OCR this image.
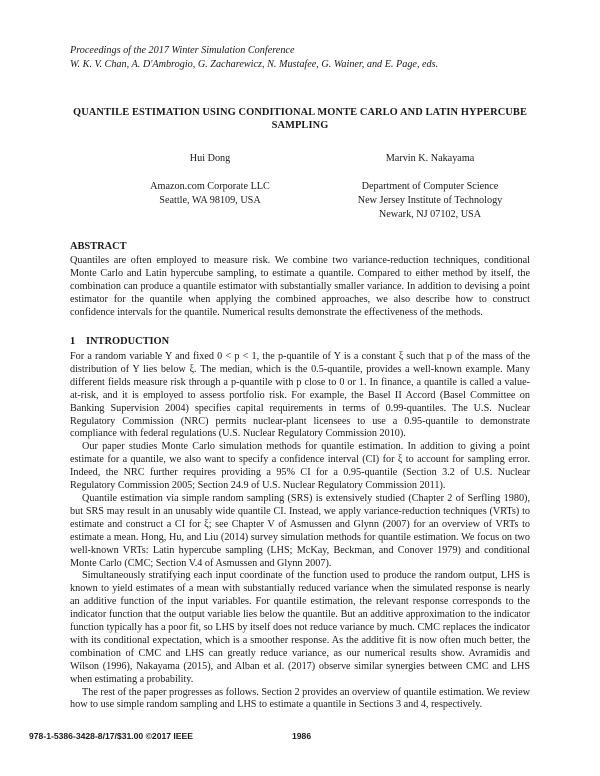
Proceedings of the 2017 Winter Simulation Conference
W. K. V. Chan, A. D'Ambrogio, G. Zacharewicz, N. Mustafee, G. Wainer, and E. Page, eds.
QUANTILE ESTIMATION USING CONDITIONAL MONTE CARLO AND LATIN HYPERCUBE SAMPLING
Hui Dong
Amazon.com Corporate LLC
Seattle, WA 98109, USA
Marvin K. Nakayama
Department of Computer Science
New Jersey Institute of Technology
Newark, NJ 07102, USA
ABSTRACT

Quantiles are often employed to measure risk. We combine two variance-reduction techniques, conditional Monte Carlo and Latin hypercube sampling, to estimate a quantile. Compared to either method by itself, the combination can produce a quantile estimator with substantially smaller variance. In addition to devising a point estimator for the quantile when applying the combined approaches, we also describe how to construct confidence intervals for the quantile. Numerical results demonstrate the effectiveness of the methods.

1 INTRODUCTION

For a random variable Y and fixed 0 < p < 1, the p-quantile of Y is a constant ξ such that p of the mass of the distribution of Y lies below ξ. The median, which is the 0.5-quantile, provides a well-known example. Many different fields measure risk through a p-quantile with p close to 0 or 1. In finance, a quantile is called a value-at-risk, and it is employed to assess portfolio risk. For example, the Basel II Accord (Basel Committee on Banking Supervision 2004) specifies capital requirements in terms of 0.99-quantiles. The U.S. Nuclear Regulatory Commission (NRC) permits nuclear-plant licensees to use a 0.95-quantile to demonstrate compliance with federal regulations (U.S. Nuclear Regulatory Commission 2010).

Our paper studies Monte Carlo simulation methods for quantile estimation. In addition to giving a point estimate for a quantile, we also want to specify a confidence interval (CI) for ξ to account for sampling error. Indeed, the NRC further requires providing a 95% CI for a 0.95-quantile (Section 3.2 of U.S. Nuclear Regulatory Commission 2005; Section 24.9 of U.S. Nuclear Regulatory Commission 2011).

Quantile estimation via simple random sampling (SRS) is extensively studied (Chapter 2 of Serfling 1980), but SRS may result in an unusably wide quantile CI. Instead, we apply variance-reduction techniques (VRTs) to estimate and construct a CI for ξ; see Chapter V of Asmussen and Glynn (2007) for an overview of VRTs to estimate a mean. Hong, Hu, and Liu (2014) survey simulation methods for quantile estimation. We focus on two well-known VRTs: Latin hypercube sampling (LHS; McKay, Beckman, and Conover 1979) and conditional Monte Carlo (CMC; Section V.4 of Asmussen and Glynn 2007).

Simultaneously stratifying each input coordinate of the function used to produce the random output, LHS is known to yield estimates of a mean with substantially reduced variance when the simulated response is nearly an additive function of the input variables. For quantile estimation, the relevant response corresponds to the indicator function that the output variable lies below the quantile. But an additive approximation to the indicator function typically has a poor fit, so LHS by itself does not reduce variance by much. CMC replaces the indicator with its conditional expectation, which is a smoother response. As the additive fit is now often much better, the combination of CMC and LHS can greatly reduce variance, as our numerical results show. Avramidis and Wilson (1996), Nakayama (2015), and Alban et al. (2017) observe similar synergies between CMC and LHS when estimating a probability.

The rest of the paper progresses as follows. Section 2 provides an overview of quantile estimation. We review how to use simple random sampling and LHS to estimate a quantile in Sections 3 and 4, respectively.

978-1-5386-3428-8/17/$31.00 ©2017 IEEE	1986
